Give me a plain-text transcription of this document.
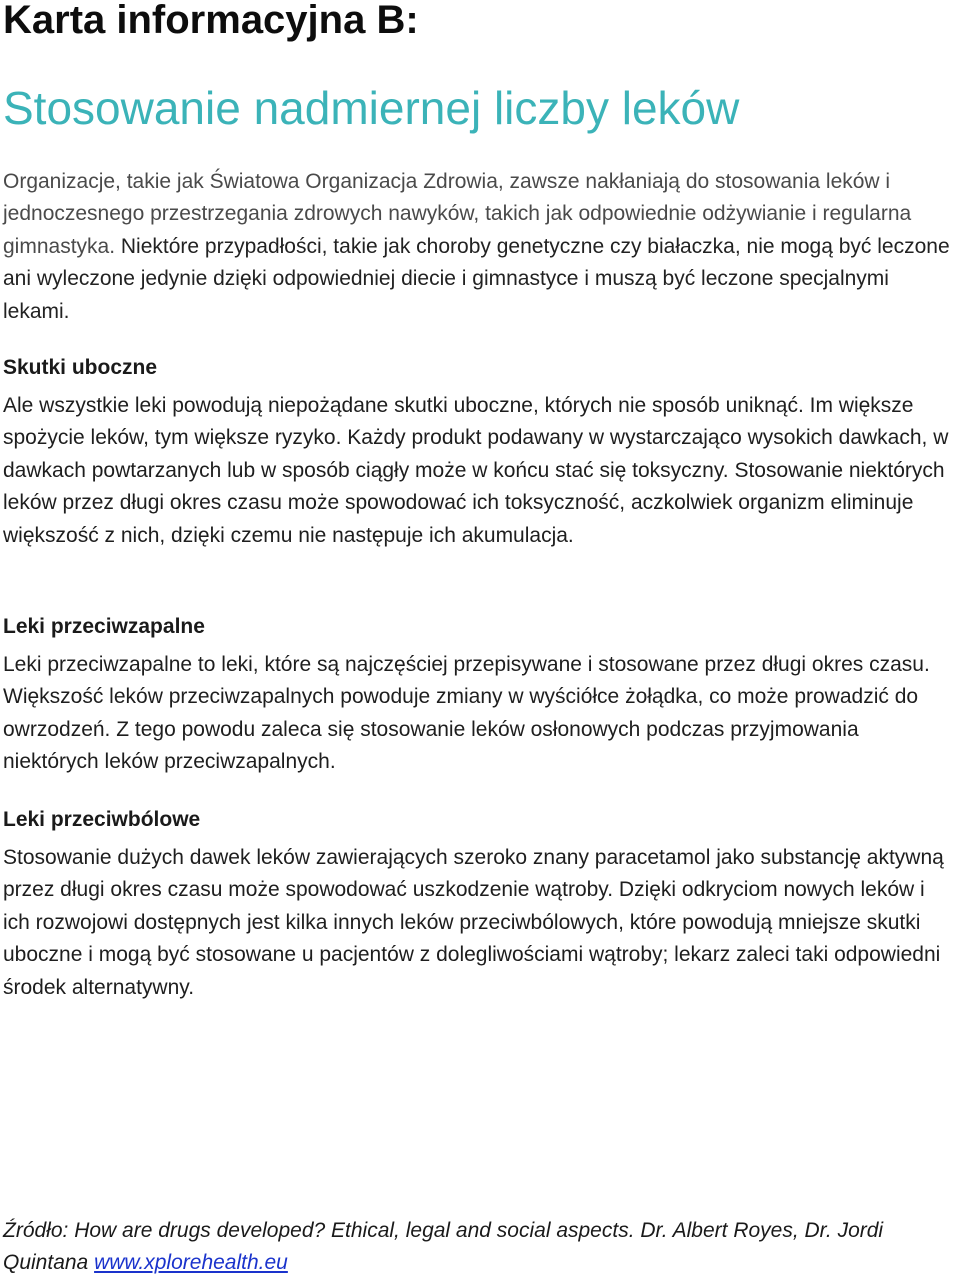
Karta informacyjna B:
Stosowanie nadmiernej liczby leków

Organizacje, takie jak Światowa Organizacja Zdrowia, zawsze nakłaniają do stosowania leków i jednoczesnego przestrzegania zdrowych nawyków, takich jak odpowiednie odżywianie i regularna gimnastyka. Niektóre przypadłości, takie jak choroby genetyczne czy białaczka, nie mogą być leczone ani wyleczone jedynie dzięki odpowiedniej diecie i gimnastyce i muszą być leczone specjalnymi lekami.

Skutki uboczne

Ale wszystkie leki powodują niepożądane skutki uboczne, których nie sposób uniknąć. Im większe spożycie leków, tym większe ryzyko. Każdy produkt podawany w wystarczająco wysokich dawkach, w dawkach powtarzanych lub w sposób ciągły może w końcu stać się toksyczny. Stosowanie niektórych leków przez długi okres czasu może spowodować ich toksyczność, aczkolwiek organizm eliminuje większość z nich, dzięki czemu nie następuje ich akumulacja.

Leki przeciwzapalne

Leki przeciwzapalne to leki, które są najczęściej przepisywane i stosowane przez długi okres czasu. Większość leków przeciwzapalnych powoduje zmiany w wyściółce żołądka, co może prowadzić do owrzodzeń. Z tego powodu zaleca się stosowanie leków osłonowych podczas przyjmowania niektórych leków przeciwzapalnych.

Leki przeciwbólowe

Stosowanie dużych dawek leków zawierających szeroko znany paracetamol jako substancję aktywną przez długi okres czasu może spowodować uszkodzenie wątroby. Dzięki odkryciom nowych leków i ich rozwojowi dostępnych jest kilka innych leków przeciwbólowych, które powodują mniejsze skutki uboczne i mogą być stosowane u pacjentów z dolegliwościami wątroby; lekarz zaleci taki odpowiedni środek alternatywny.

Źródło: How are drugs developed? Ethical, legal and social aspects. Dr. Albert Royes, Dr. Jordi Quintana www.xplorehealth.eu
